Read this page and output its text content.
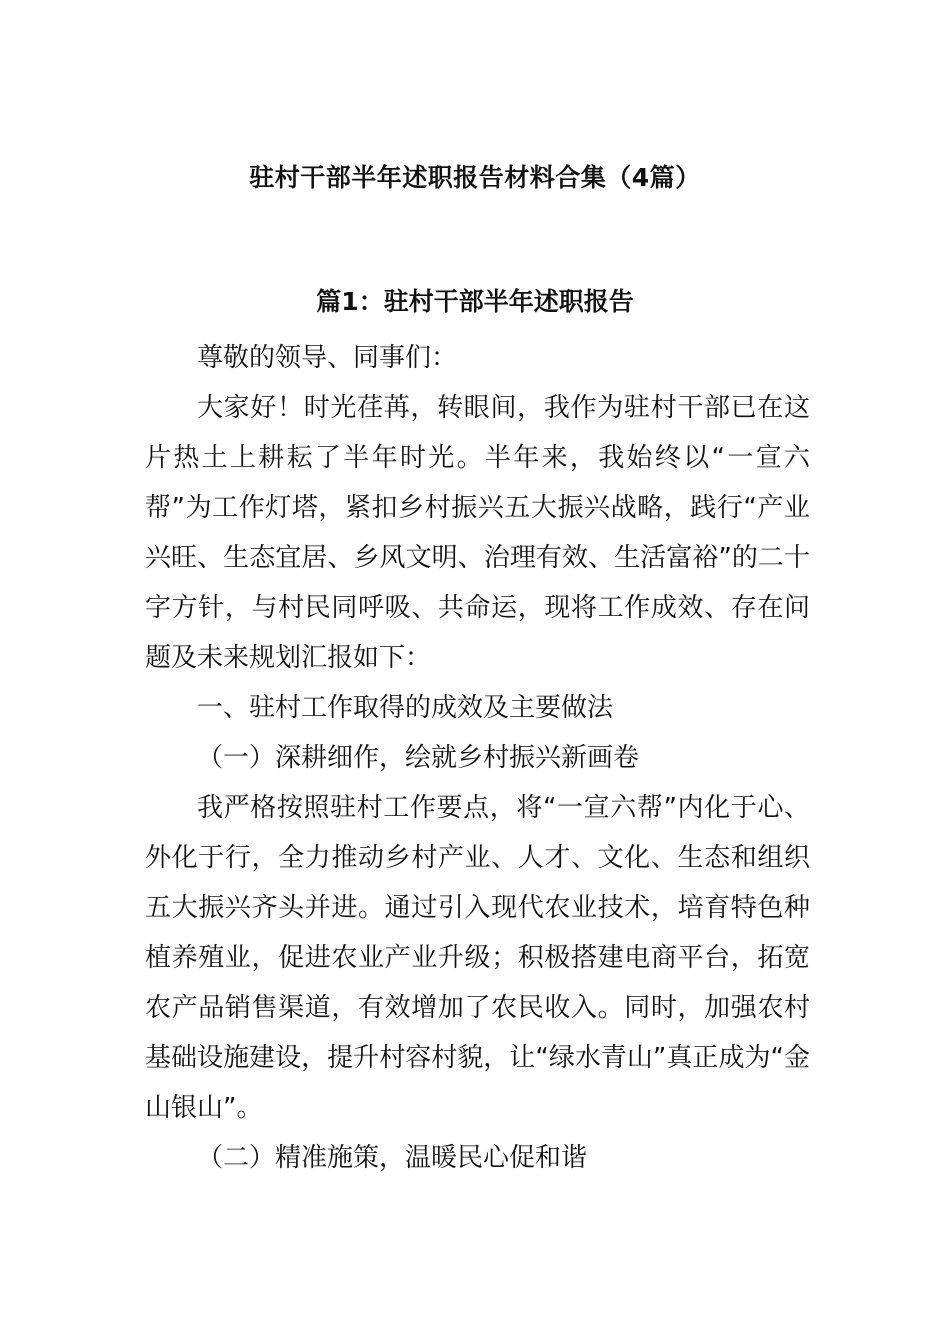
驻村干部半年述职报告材料合集（4篇）
篇1：驻村干部半年述职报告

尊敬的领导、同事们：

大家好！时光荏苒，转眼间，我作为驻村干部已在这片热土上耕耘了半年时光。半年来，我始终以“一宣六帮”为工作灯塔，紧扣乡村振兴五大振兴战略，践行“产业兴旺、生态宜居、乡风文明、治理有效、生活富裕”的二十字方针，与村民同呼吸、共命运，现将工作成效、存在问题及未来规划汇报如下：

一、驻村工作取得的成效及主要做法

（一）深耕细作，绘就乡村振兴新画卷

我严格按照驻村工作要点，将“一宣六帮”内化于心、外化于行，全力推动乡村产业、人才、文化、生态和组织五大振兴齐头并进。通过引入现代农业技术，培育特色种植养殖业，促进农业产业升级；积极搭建电商平台，拓宽农产品销售渠道，有效增加了农民收入。同时，加强农村基础设施建设，提升村容村貌，让“绿水青山”真正成为“金山银山”。

（二）精准施策，温暖民心促和谐
